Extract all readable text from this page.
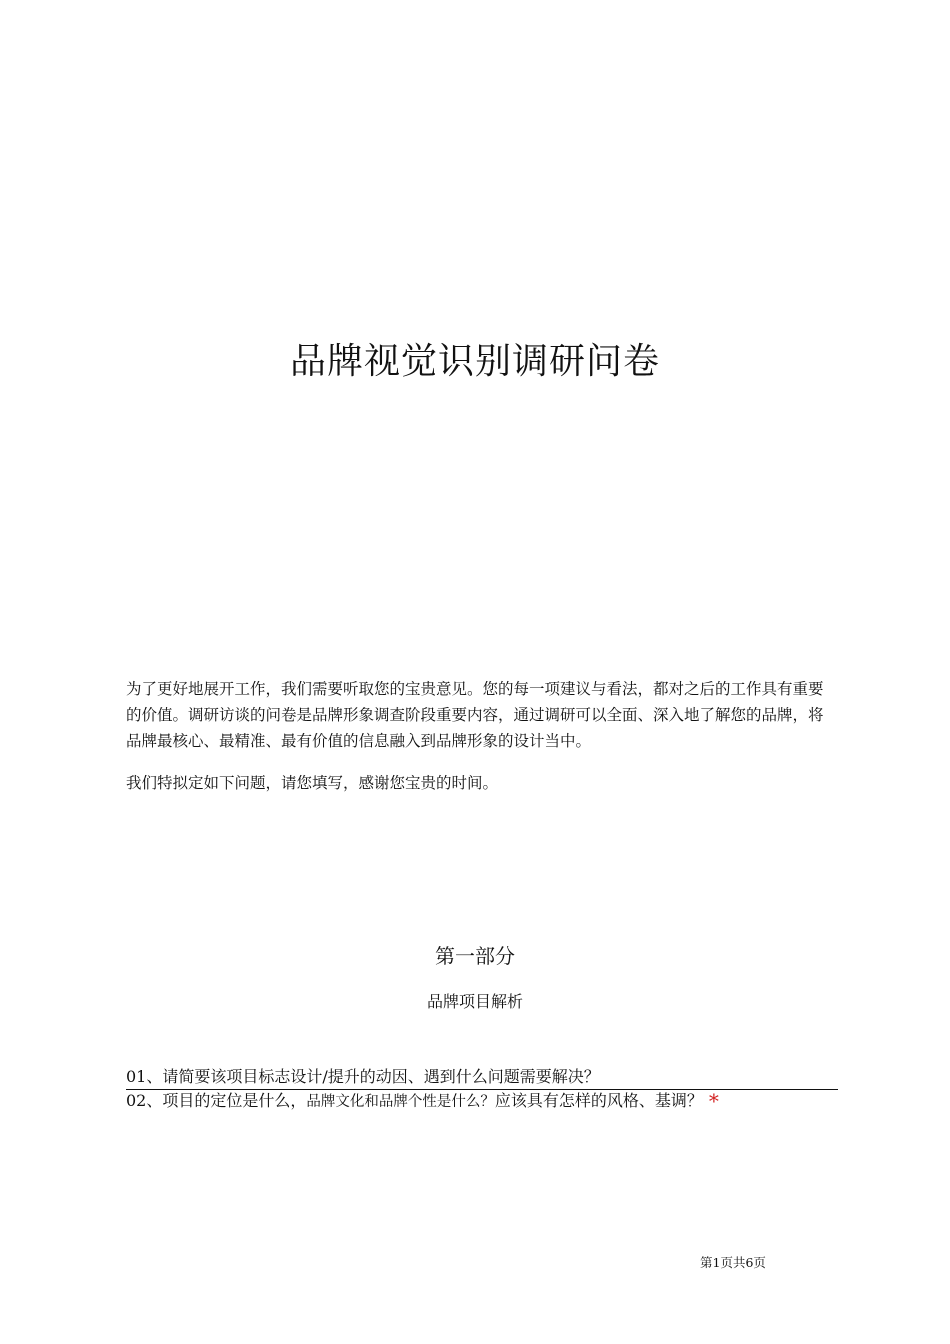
品牌视觉识别调研问卷

为了更好地展开工作，我们需要听取您的宝贵意见。您的每一项建议与看法，都对之后的工作具有重要的价值。调研访谈的问卷是品牌形象调查阶段重要内容，通过调研可以全面、深入地了解您的品牌，将品牌最核心、最精准、最有价值的信息融入到品牌形象的设计当中。

我们特拟定如下问题，请您填写，感谢您宝贵的时间。

第一部分
品牌项目解析
01、请简要该项目标志设计/提升的动因、遇到什么问题需要解决？
02、项目的定位是什么，品牌文化和品牌个性是什么？应该具有怎样的风格、基调？ *
第1页共6页
